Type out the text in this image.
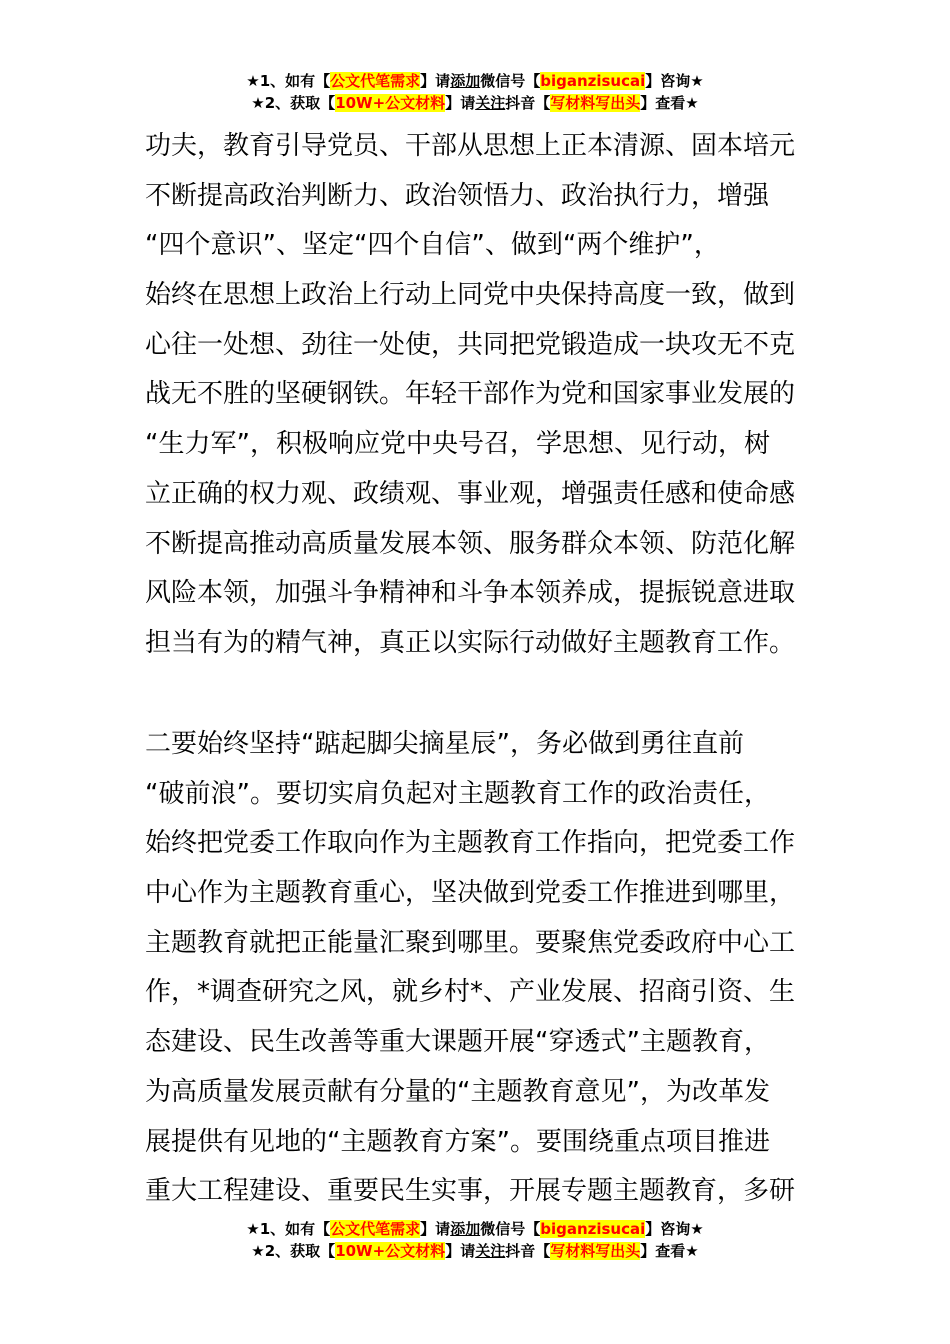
★1、如有【公文代笔需求】请添加微信号【biganzisucai】咨询★
★2、获取【10W+公文材料】请关注抖音【写材料写出头】查看★
功夫，教育引导党员、干部从思想上正本清源、固本培元
不断提高政治判断力、政治领悟力、政治执行力，增强
“四个意识”、坚定“四个自信”、做到“两个维护”，
始终在思想上政治上行动上同党中央保持高度一致，做到
心往一处想、劲往一处使，共同把党锻造成一块攻无不克
战无不胜的坚硬钢铁。年轻干部作为党和国家事业发展的
“生力军”，积极响应党中央号召，学思想、见行动，树
立正确的权力观、政绩观、事业观，增强责任感和使命感
不断提高推动高质量发展本领、服务群众本领、防范化解
风险本领，加强斗争精神和斗争本领养成，提振锐意进取
担当有为的精气神，真正以实际行动做好主题教育工作。
二要始终坚持“踮起脚尖摘星辰”，务必做到勇往直前
“破前浪”。要切实肩负起对主题教育工作的政治责任，
始终把党委工作取向作为主题教育工作指向，把党委工作
中心作为主题教育重心，坚决做到党委工作推进到哪里，
主题教育就把正能量汇聚到哪里。要聚焦党委政府中心工
作，*调查研究之风，就乡村*、产业发展、招商引资、生
态建设、民生改善等重大课题开展“穿透式”主题教育，
为高质量发展贡献有分量的“主题教育意见”，为改革发
展提供有见地的“主题教育方案”。要围绕重点项目推进
重大工程建设、重要民生实事，开展专题主题教育，多研
★1、如有【公文代笔需求】请添加微信号【biganzisucai】咨询★
★2、获取【10W+公文材料】请关注抖音【写材料写出头】查看★
